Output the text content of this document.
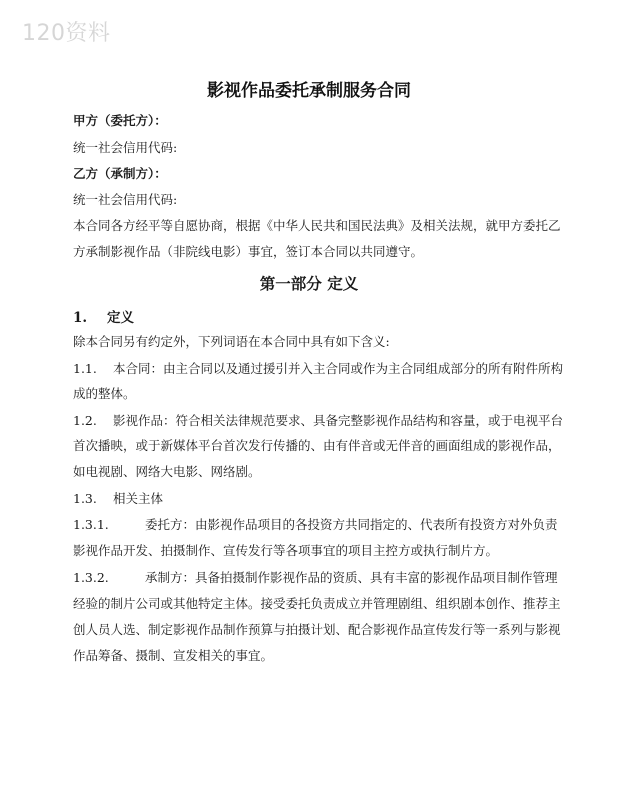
120资料
影视作品委托承制服务合同
甲方（委托方）：
统一社会信用代码:
乙方（承制方）：
统一社会信用代码:
本合同各方经平等自愿协商，根据《中华人民共和国民法典》及相关法规，就甲方委托乙
方承制影视作品（非院线电影）事宜，签订本合同以共同遵守。
第一部分 定义
1. 定义
除本合同另有约定外，下列词语在本合同中具有如下含义:
1.1. 本合同：由主合同以及通过援引并入主合同或作为主合同组成部分的所有附件所构
成的整体。
1.2. 影视作品：符合相关法律规范要求、具备完整影视作品结构和容量，或于电视平台
首次播映，或于新媒体平台首次发行传播的、由有伴音或无伴音的画面组成的影视作品，
如电视剧、网络大电影、网络剧。
1.3. 相关主体
1.3.1.	委托方：由影视作品项目的各投资方共同指定的、代表所有投资方对外负责
影视作品开发、拍摄制作、宣传发行等各项事宜的项目主控方或执行制片方。
1.3.2.	承制方：具备拍摄制作影视作品的资质、具有丰富的影视作品项目制作管理
经验的制片公司或其他特定主体。接受委托负责成立并管理剧组、组织剧本创作、推荐主
创人员人选、制定影视作品制作预算与拍摄计划、配合影视作品宣传发行等一系列与影视
作品筹备、摄制、宣发相关的事宜。
